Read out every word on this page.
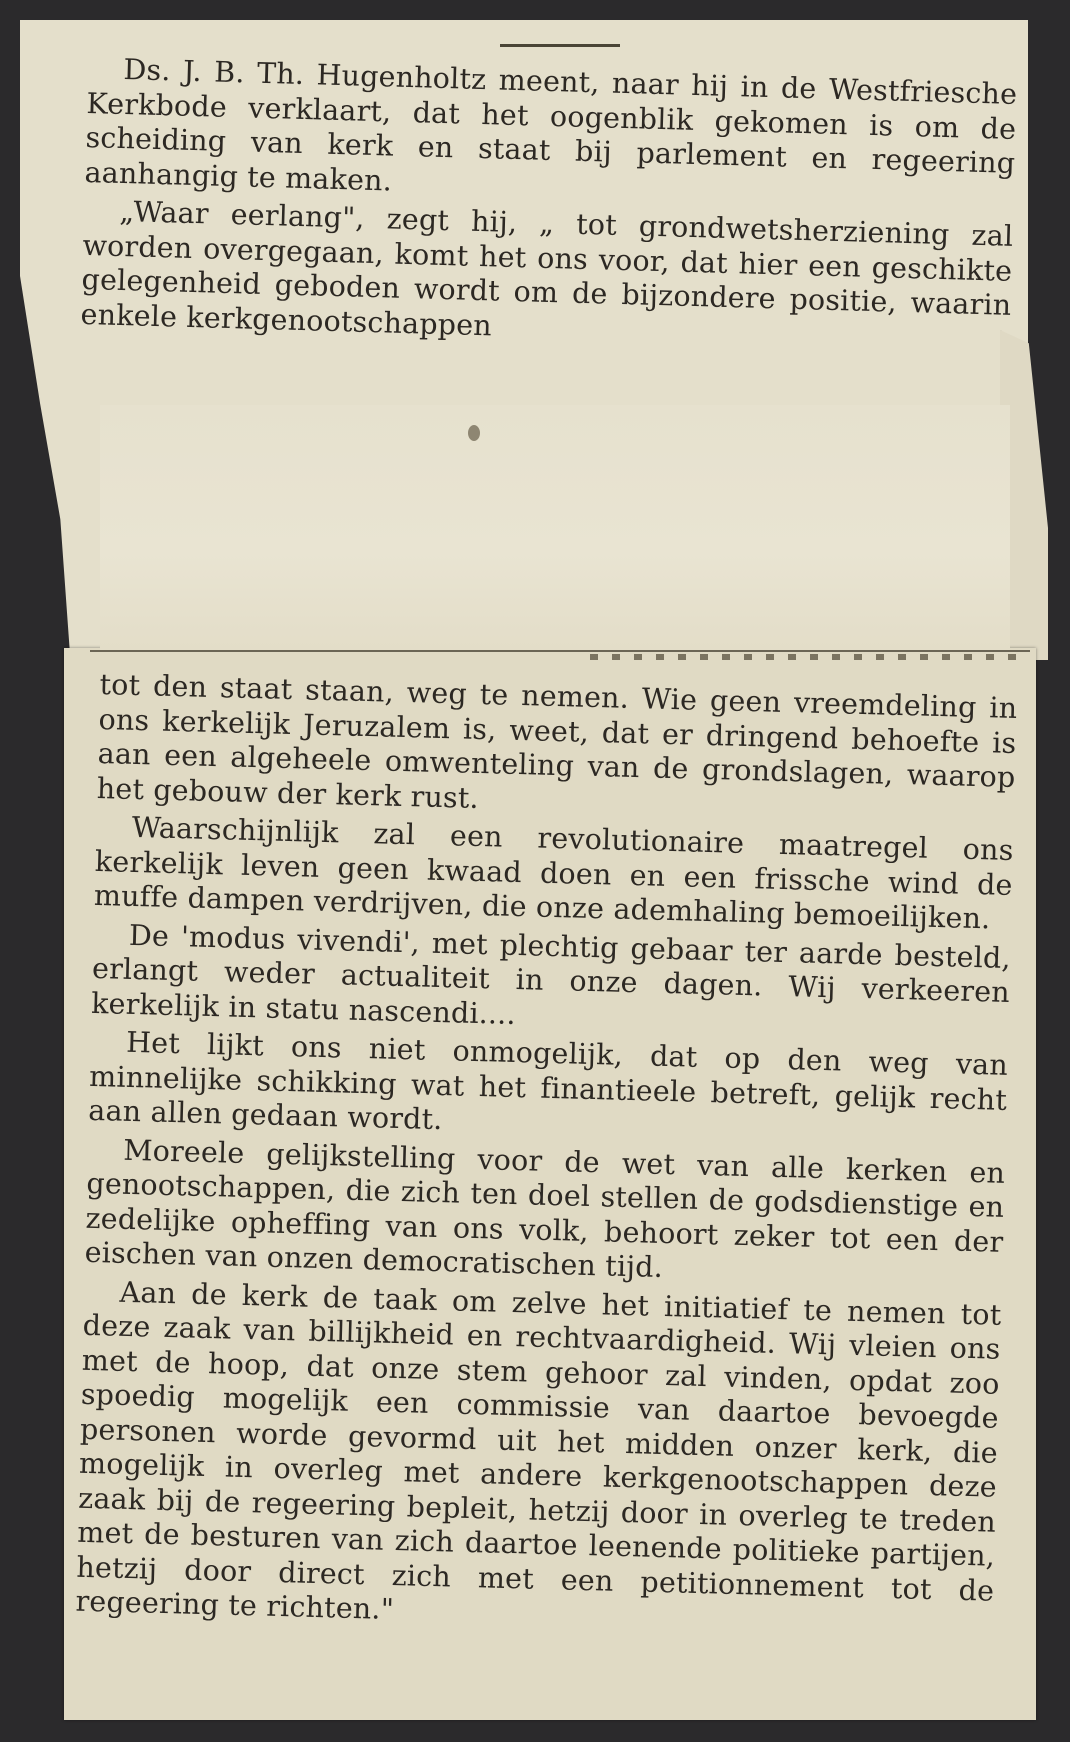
Ds. J. B. Th. Hugenholtz meent, naar hij in de Westfriesche Kerkbode verklaart, dat het oogenblik gekomen is om de scheiding van kerk en staat bij parlement en regeering aanhangig te maken.

„Waar eerlang", zegt hij, „ tot grondwetsherziening zal worden overgegaan, komt het ons voor, dat hier een geschikte gelegenheid geboden wordt om de bijzondere positie, waarin enkele kerkgenootschappen

tot den staat staan, weg te nemen. Wie geen vreemdeling in ons kerkelijk Jeruzalem is, weet, dat er dringend behoefte is aan een algeheele omwenteling van de grondslagen, waarop het gebouw der kerk rust.

Waarschijnlijk zal een revolutionaire maatregel ons kerkelijk leven geen kwaad doen en een frissche wind de muffe dampen verdrijven, die onze ademhaling bemoeilijken.

De 'modus vivendi', met plechtig gebaar ter aarde besteld, erlangt weder actualiteit in onze dagen. Wij verkeeren kerkelijk in statu nascendi....

Het lijkt ons niet onmogelijk, dat op den weg van minnelijke schikking wat het finantieele betreft, gelijk recht aan allen gedaan wordt.

Moreele gelijkstelling voor de wet van alle kerken en genootschappen, die zich ten doel stellen de godsdienstige en zedelijke opheffing van ons volk, behoort zeker tot een der eischen van onzen democratischen tijd.

Aan de kerk de taak om zelve het initiatief te nemen tot deze zaak van billijkheid en rechtvaardigheid. Wij vleien ons met de hoop, dat onze stem gehoor zal vinden, opdat zoo spoedig mogelijk een commissie van daartoe bevoegde personen worde gevormd uit het midden onzer kerk, die mogelijk in overleg met andere kerkgenootschappen deze zaak bij de regeering bepleit, hetzij door in overleg te treden met de besturen van zich daartoe leenende politieke partijen, hetzij door direct zich met een petitionnement tot de regeering te richten."
